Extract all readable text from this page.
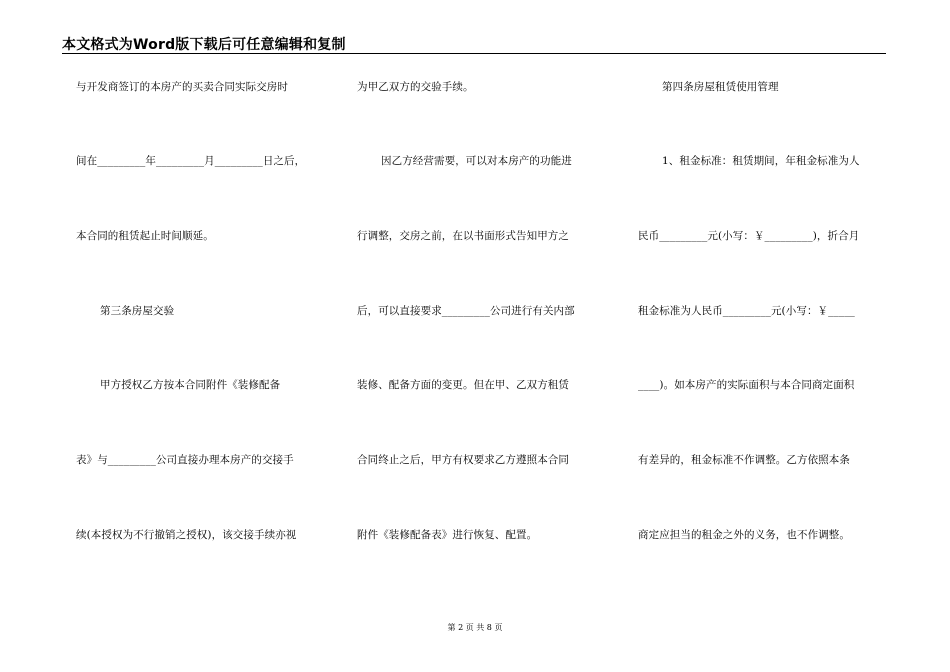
本文格式为Word版下载后可任意编辑和复制
与开发商签订的本房产的买卖合同实际交房时
间在_________年_________月_________日之后，
本合同的租赁起止时间顺延。
第三条房屋交验
甲方授权乙方按本合同附件《装修配备
表》与_________公司直接办理本房产的交接手
续(本授权为不行撤销之授权)，该交接手续亦视
为甲乙双方的交验手续。
因乙方经营需要，可以对本房产的功能进
行调整，交房之前，在以书面形式告知甲方之
后，可以直接要求_________公司进行有关内部
装修、配备方面的变更。但在甲、乙双方租赁
合同终止之后，甲方有权要求乙方遵照本合同
附件《装修配备表》进行恢复、配置。
第四条房屋租赁使用管理
1、租金标准：租赁期间，年租金标准为人
民币_________元(小写：￥_________)，折合月
租金标准为人民币_________元(小写：￥_____
____)。如本房产的实际面积与本合同商定面积
有差异的，租金标准不作调整。乙方依照本条
商定应担当的租金之外的义务，也不作调整。
第 2 页 共 8 页
